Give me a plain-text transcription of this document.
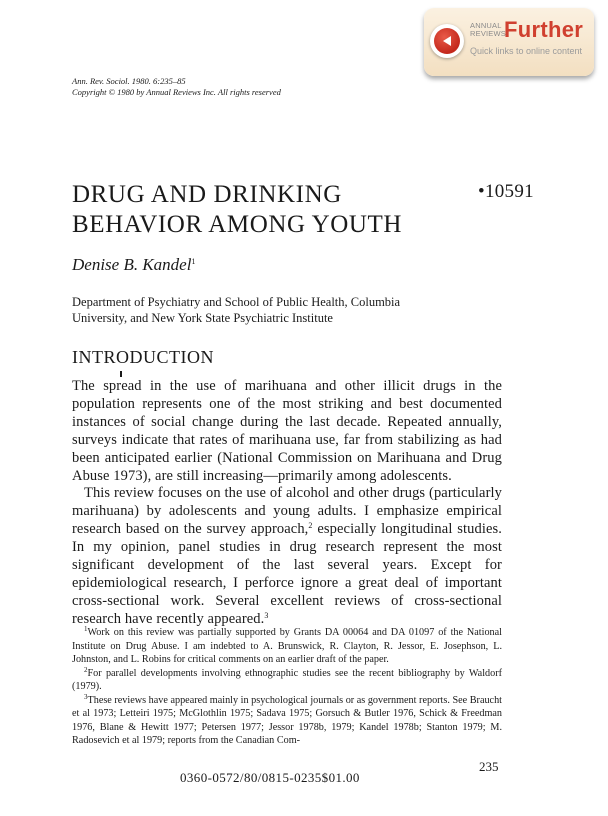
ANNUAL REVIEWS
Further
Quick links to online content
Ann. Rev. Sociol. 1980. 6:235–85
Copyright © 1980 by Annual Reviews Inc. All rights reserved
DRUG AND DRINKING
BEHAVIOR AMONG YOUTH
•10591
Denise B. Kandel$^1$
Department of Psychiatry and School of Public Health, Columbia
University, and New York State Psychiatric Institute
INTRODUCTION

The spread in the use of marihuana and other illicit drugs in the population represents one of the most striking and best documented instances of social change during the last decade. Repeated annually, surveys indicate that rates of marihuana use, far from stabilizing as had been anticipated earlier (National Commission on Marihuana and Drug Abuse 1973), are still increasing—primarily among adolescents.

This review focuses on the use of alcohol and other drugs (particularly marihuana) by adolescents and young adults. I emphasize empirical research based on the survey approach,$^2$ especially longitudinal studies. In my opinion, panel studies in drug research represent the most significant development of the last several years. Except for epidemiological research, I perforce ignore a great deal of important cross-sectional work. Several excellent reviews of cross-sectional research have recently appeared.$^3$

$^1$Work on this review was partially supported by Grants DA 00064 and DA 01097 of the National Institute on Drug Abuse. I am indebted to A. Brunswick, R. Clayton, R. Jessor, E. Josephson, L. Johnston, and L. Robins for critical comments on an earlier draft of the paper.

$^2$For parallel developments involving ethnographic studies see the recent bibliography by Waldorf (1979).

$^3$These reviews have appeared mainly in psychological journals or as government reports. See Braucht et al 1973; Letteiri 1975; McGlothlin 1975; Sadava 1975; Gorsuch & Butler 1976, Schick & Freedman 1976, Blane & Hewitt 1977; Petersen 1977; Jessor 1978b, 1979; Kandel 1978b; Stanton 1979; M. Radosevich et al 1979; reports from the Canadian Com-

235
0360-0572/80/0815-0235$01.00
